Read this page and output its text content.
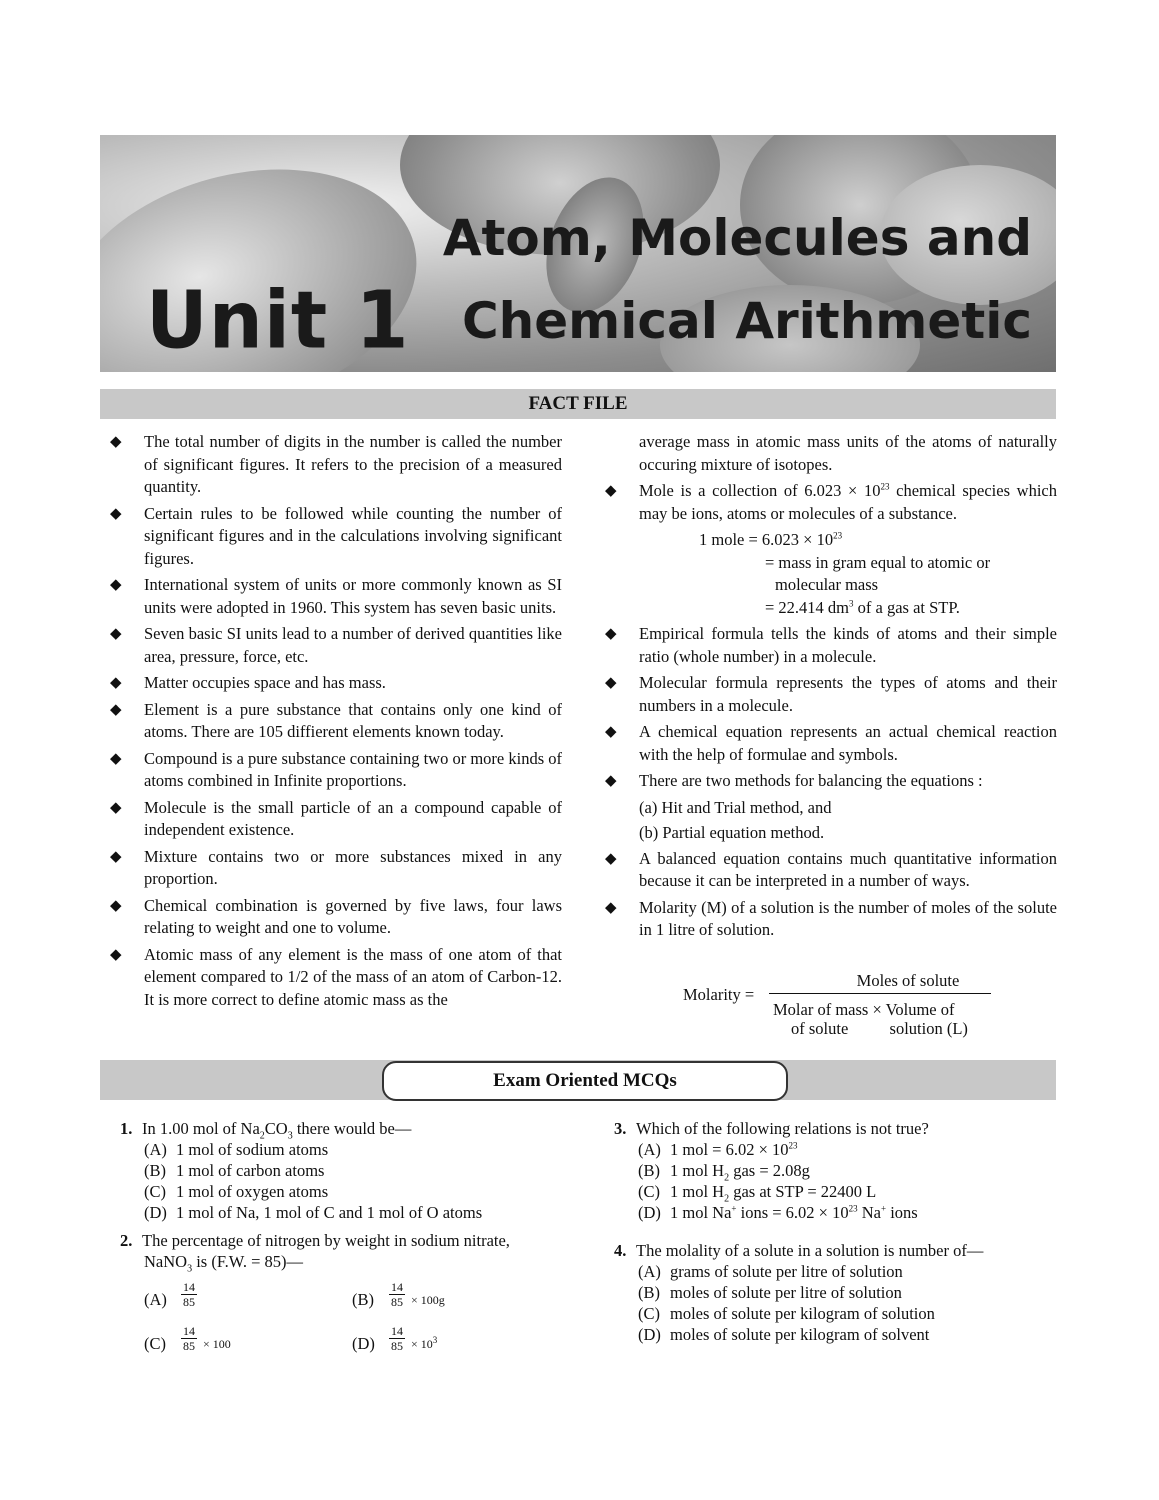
Unit 1
Atom, Molecules and
Chemical Arithmetic
FACT FILE
◆ The total number of digits in the number is called the number of significant figures. It refers to the precision of a measured quantity.
◆ Certain rules to be followed while counting the number of significant figures and in the calculations involving significant figures.
◆ International system of units or more commonly known as SI units were adopted in 1960. This system has seven basic units.
◆ Seven basic SI units lead to a number of derived quantities like area, pressure, force, etc.
◆ Matter occupies space and has mass.
◆ Element is a pure substance that contains only one kind of atoms. There are 105 diffierent elements known today.
◆ Compound is a pure substance containing two or more kinds of atoms combined in Infinite proportions.
◆ Molecule is the small particle of an a compound capable of independent existence.
◆ Mixture contains two or more substances mixed in any proportion.
◆ Chemical combination is governed by five laws, four laws relating to weight and one to volume.
◆ Atomic mass of any element is the mass of one atom of that element compared to 1/2 of the mass of an atom of Carbon-12. It is more correct to define atomic mass as the
average mass in atomic mass units of the atoms of naturally occuring mixture of isotopes.
◆ Mole is a collection of $6.023 \times 10^{23}$ chemical species which may be ions, atoms or molecules of a substance.
1 mole = $6.023 \times 10^{23}$
= mass in gram equal to atomic or
molecular mass
= 22.414 $dm^3$ of a gas at STP.
◆ Empirical formula tells the kinds of atoms and their simple ratio (whole number) in a molecule.
◆ Molecular formula represents the types of atoms and their numbers in a molecule.
◆ A chemical equation represents an actual chemical reaction with the help of formulae and symbols.
◆ There are two methods for balancing the equations :
(a) Hit and Trial method, and
(b) Partial equation method.
◆ A balanced equation contains much quantitative information because it can be interpreted in a number of ways.
◆ Molarity (M) of a solution is the number of moles of the solute in 1 litre of solution.
Molarity =
Moles of solute
Molar of mass × Volume of
of solute          solution (L)
Exam Oriented MCQs
1. In 1.00 mol of $Na_2CO_3$ there would be—
(A) 1 mol of sodium atoms
(B) 1 mol of carbon atoms
(C) 1 mol of oxygen atoms
(D) 1 mol of Na, 1 mol of C and 1 mol of O atoms
2. The percentage of nitrogen by weight in sodium nitrate,
NaNO$_3$ is (F.W. = 85)—
$(A) \frac{14}{85}$	$(B) \frac{14}{85} \times 100g$
$(C) \frac{14}{85} \times 100$	$(D) \frac{14}{85} \times 10^3$
3. Which of the following relations is not true?
(A) 1 mol = $6.02 \times 10^{23}$
(B) 1 mol $H_2$ gas = 2.08g
(C) 1 mol $H_2$ gas at STP = 22400 L
(D) 1 mol Na+ ions = $6.02 \times 10^{23}$ Na+ ions
4. The molality of a solute in a solution is number of—
(A) grams of solute per litre of solution
(B) moles of solute per litre of solution
(C) moles of solute per kilogram of solution
(D) moles of solute per kilogram of solvent
